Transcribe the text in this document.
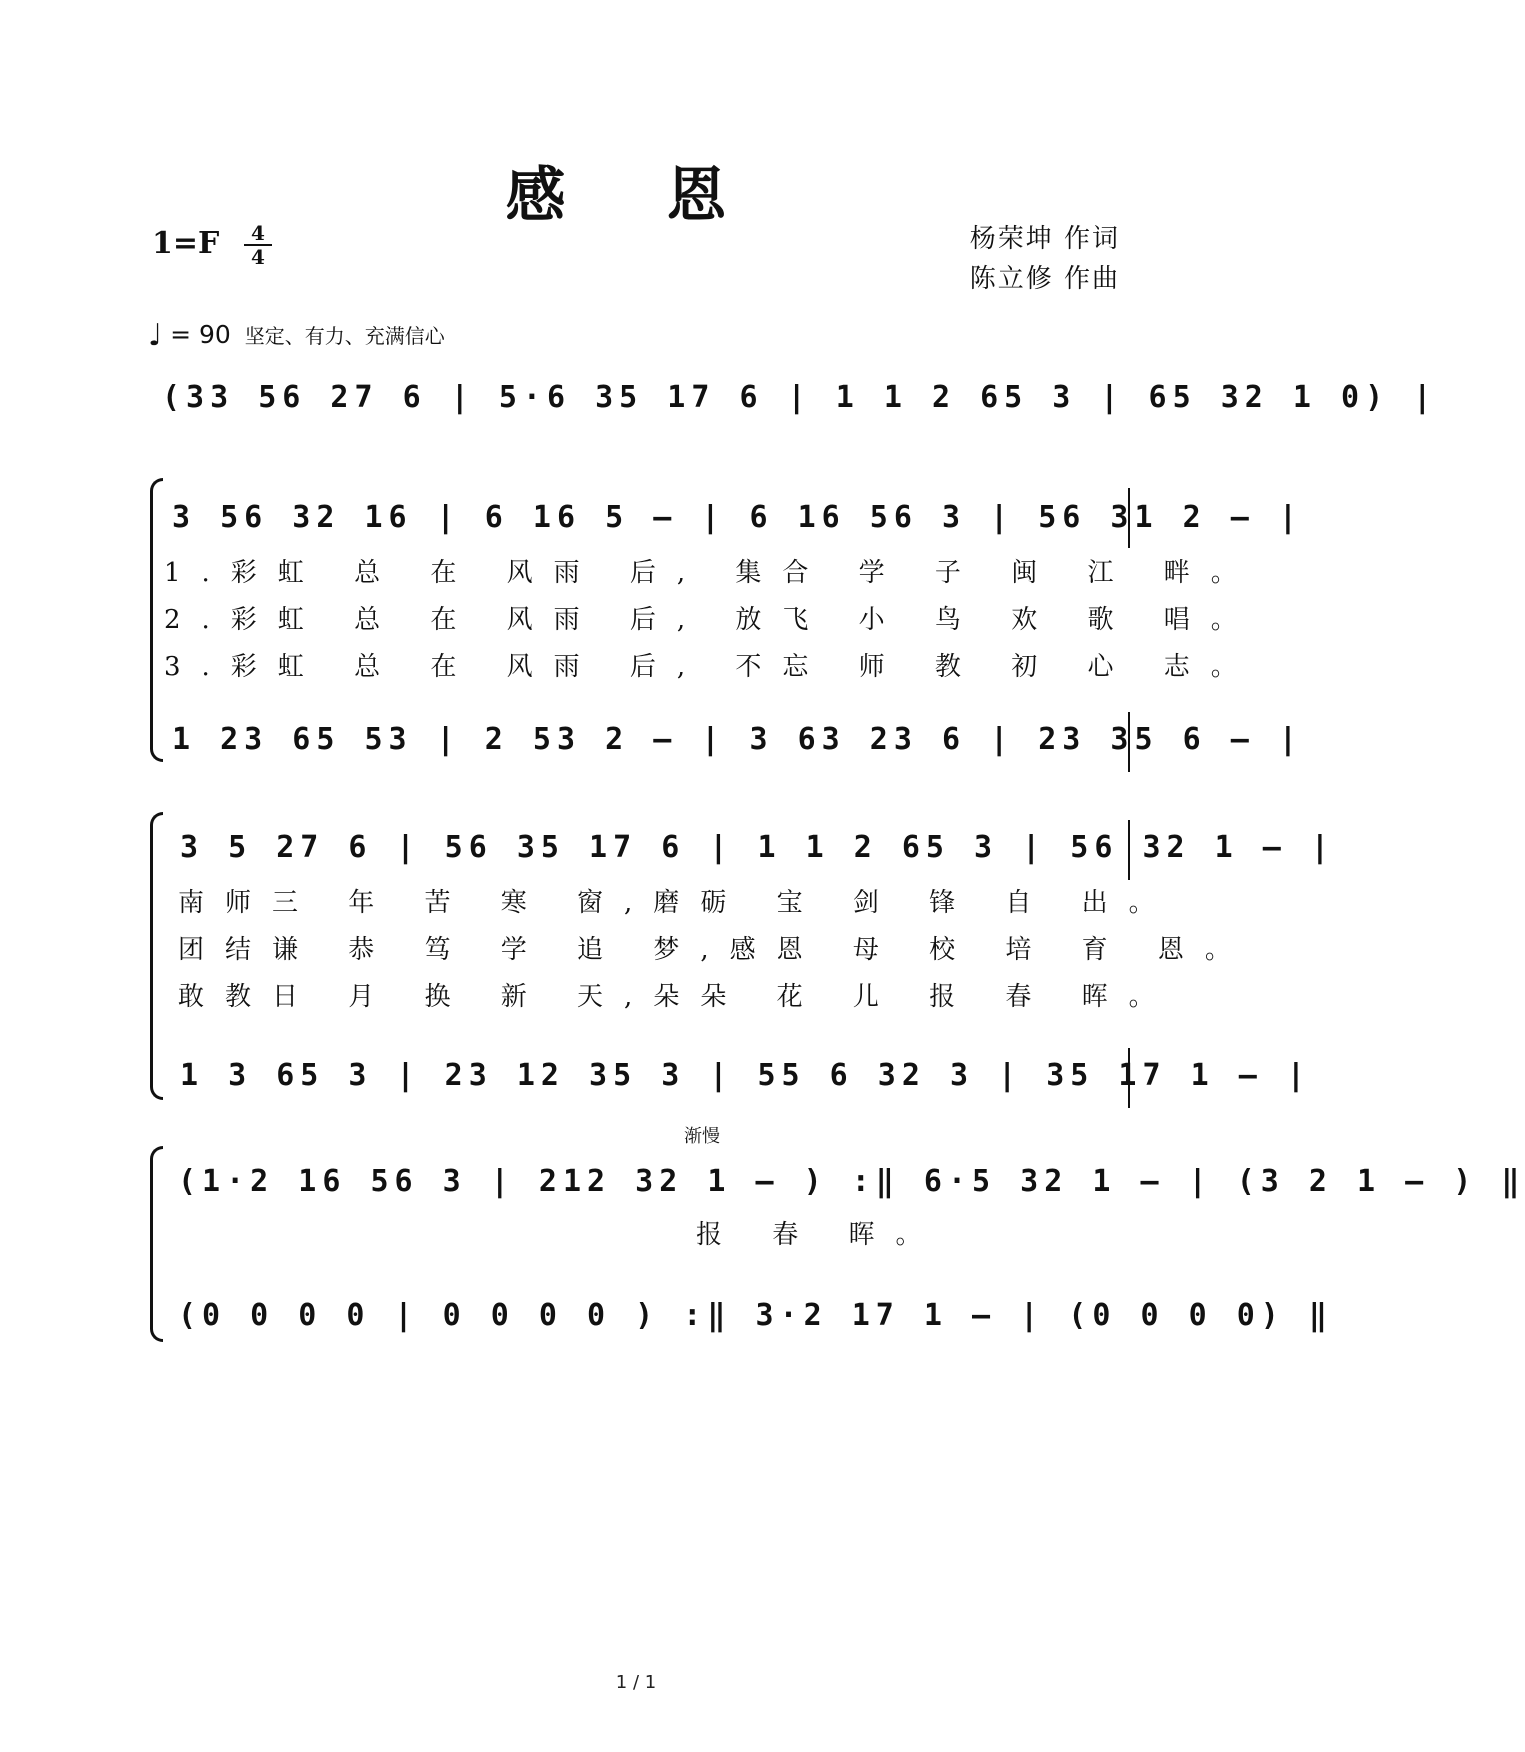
感 恩
1=F	4
4
杨荣坤 作词
陈立修 作曲
♩ = 90 坚定、有力、充满信心
(33 56 27 6 | 5·6 35 17 6 | 1 1 2 65 3 | 65 32 1 0) |
3 56 32 16 | 6 16 5 – | 6 16 56 3 | 56 31 2 – |
1.彩虹 总 在 风雨 后, 集合 学 子 闽 江 畔。
2.彩虹 总 在 风雨 后, 放飞 小 鸟 欢 歌 唱。
3.彩虹 总 在 风雨 后, 不忘 师 教 初 心 志。
1 23 65 53 | 2 53 2 – | 3 63 23 6 | 23 35 6 – |
3 5 27 6 | 56 35 17 6 | 1 1 2 65 3 | 56 32 1 – |
南师三 年 苦 寒 窗,磨砺 宝 剑 锋 自 出。
团结谦 恭 笃 学 追 梦,感恩 母 校 培 育 恩。
敢教日 月 换 新 天,朵朵 花 儿 报 春 晖。
1 3 65 3 | 23 12 35 3 | 55 6 32 3 | 35 17 1 – |
渐慢
(1·2 16 56 3 | 212 32 1 – ) :‖ 6·5 32 1 – | (3 2 1 – ) ‖
报 春 晖。
(0 0 0 0 | 0 0 0 0 ) :‖ 3·2 17 1 – | (0 0 0 0) ‖
1 / 1
